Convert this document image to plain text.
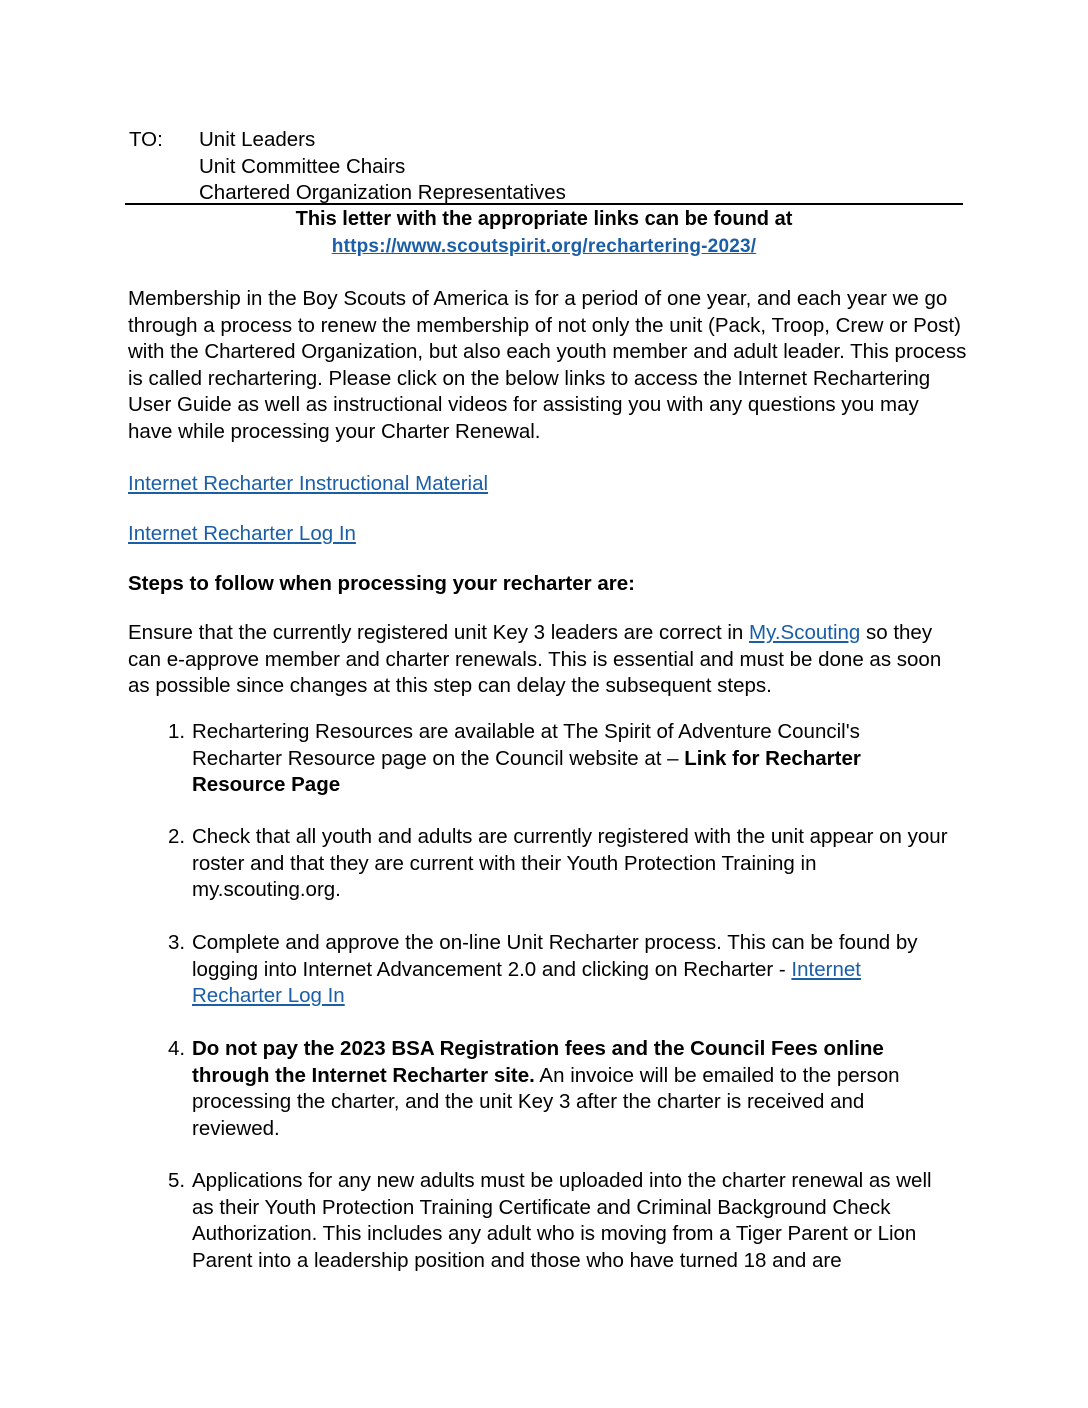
TO:	Unit Leaders
Unit Committee Chairs
Chartered Organization Representatives
This letter with the appropriate links can be found at
https://www.scoutspirit.org/rechartering-2023/
Membership in the Boy Scouts of America is for a period of one year, and each year we go through a process to renew the membership of not only the unit (Pack, Troop, Crew or Post) with the Chartered Organization, but also each youth member and adult leader. This process is called rechartering. Please click on the below links to access the Internet Rechartering User Guide as well as instructional videos for assisting you with any questions you may have while processing your Charter Renewal.
Internet Recharter Instructional Material
Internet Recharter Log In
Steps to follow when processing your recharter are:
Ensure that the currently registered unit Key 3 leaders are correct in My.Scouting so they can e-approve member and charter renewals. This is essential and must be done as soon as possible since changes at this step can delay the subsequent steps.
1. Rechartering Resources are available at The Spirit of Adventure Council's Recharter Resource page on the Council website at – Link for Recharter Resource Page
2. Check that all youth and adults are currently registered with the unit appear on your roster and that they are current with their Youth Protection Training in my.scouting.org.
3. Complete and approve the on-line Unit Recharter process. This can be found by logging into Internet Advancement 2.0 and clicking on Recharter - Internet Recharter Log In
4. Do not pay the 2023 BSA Registration fees and the Council Fees online through the Internet Recharter site. An invoice will be emailed to the person processing the charter, and the unit Key 3 after the charter is received and reviewed.
5. Applications for any new adults must be uploaded into the charter renewal as well as their Youth Protection Training Certificate and Criminal Background Check Authorization. This includes any adult who is moving from a Tiger Parent or Lion Parent into a leadership position and those who have turned 18 and are
